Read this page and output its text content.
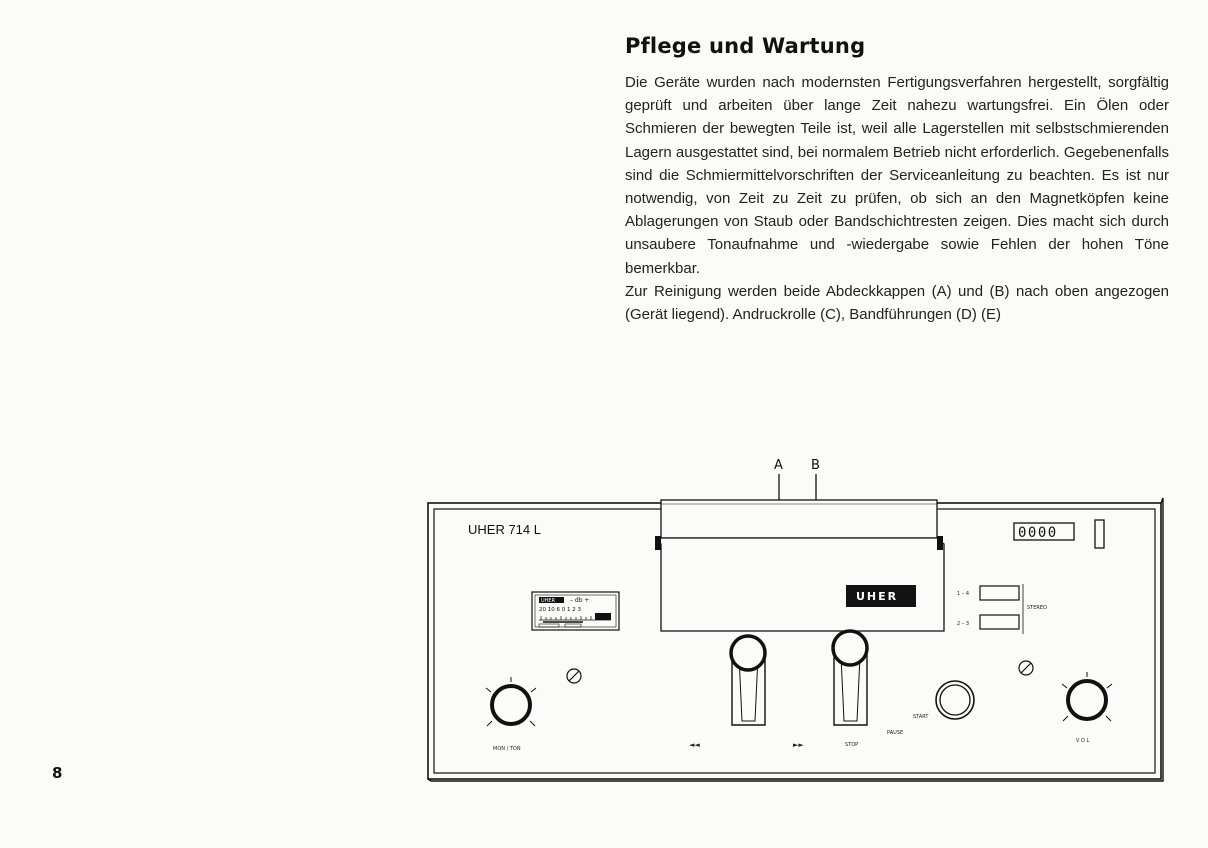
Pflege und Wartung

Die Geräte wurden nach modernsten Fertigungsverfahren hergestellt, sorgfältig geprüft und arbeiten über lange Zeit nahezu wartungsfrei. Ein Ölen oder Schmieren der bewegten Teile ist, weil alle Lagerstellen mit selbstschmierenden Lagern ausgestattet sind, bei normalem Betrieb nicht erforderlich. Gegebenenfalls sind die Schmiermittelvorschriften der Serviceanleitung zu beachten. Es ist nur notwendig, von Zeit zu Zeit zu prüfen, ob sich an den Magnetköpfen keine Ablagerungen von Staub oder Bandschichtresten zeigen. Dies macht sich durch unsaubere Tonaufnahme und -wiedergabe sowie Fehlen der hohen Töne bemerkbar.

Zur Reinigung werden beide Abdeckkappen (A) und (B) nach oben angezogen (Gerät liegend). Andruckrolle (C), Bandführungen (D) (E)

8
A B
UHER 714 L	0000
UHER
UHER – db +
20 10 6 0 1 2 3
MON / TON	◄◄	►►	STOP
PAUSE
START
1 – 4
2 – 3
STEREO
V O L
